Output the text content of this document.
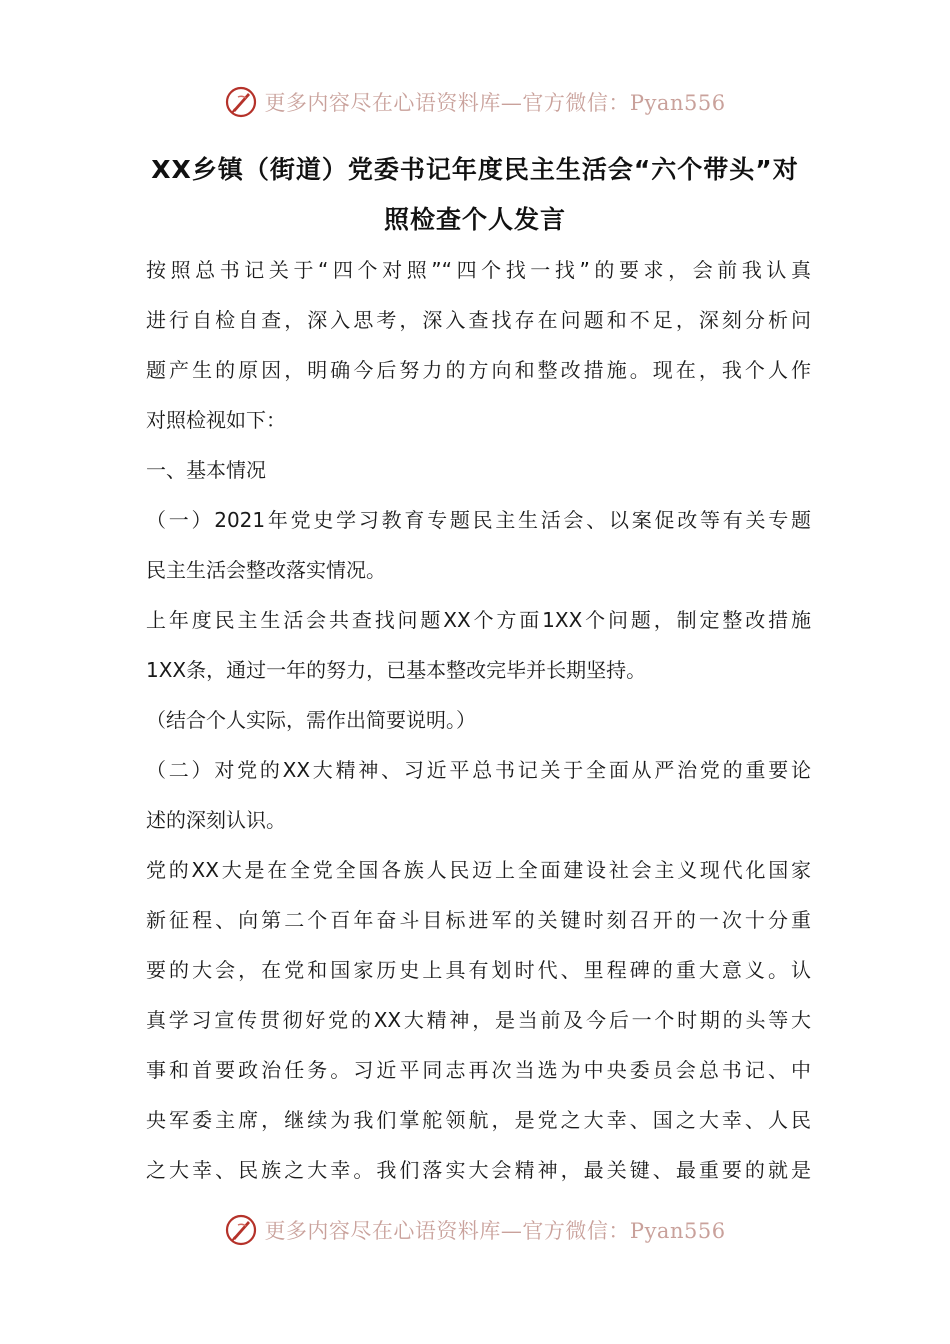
更多内容尽在心语资料库—官方微信：Pyan556
XX乡镇（街道）党委书记年度民主生活会“六个带头”对
照检查个人发言
按照总书记关于“四个对照”“四个找一找”的要求，会前我认真
进行自检自查，深入思考，深入查找存在问题和不足，深刻分析问
题产生的原因，明确今后努力的方向和整改措施。现在，我个人作
对照检视如下：
一、基本情况
（一）2021年党史学习教育专题民主生活会、以案促改等有关专题
民主生活会整改落实情况。
上年度民主生活会共查找问题XX个方面1XX个问题，制定整改措施
1XX条，通过一年的努力，已基本整改完毕并长期坚持。
（结合个人实际，需作出简要说明。）
（二）对党的XX大精神、习近平总书记关于全面从严治党的重要论
述的深刻认识。
党的XX大是在全党全国各族人民迈上全面建设社会主义现代化国家
新征程、向第二个百年奋斗目标进军的关键时刻召开的一次十分重
要的大会，在党和国家历史上具有划时代、里程碑的重大意义。认
真学习宣传贯彻好党的XX大精神，是当前及今后一个时期的头等大
事和首要政治任务。习近平同志再次当选为中央委员会总书记、中
央军委主席，继续为我们掌舵领航，是党之大幸、国之大幸、人民
之大幸、民族之大幸。我们落实大会精神，最关键、最重要的就是
更多内容尽在心语资料库—官方微信：Pyan556
